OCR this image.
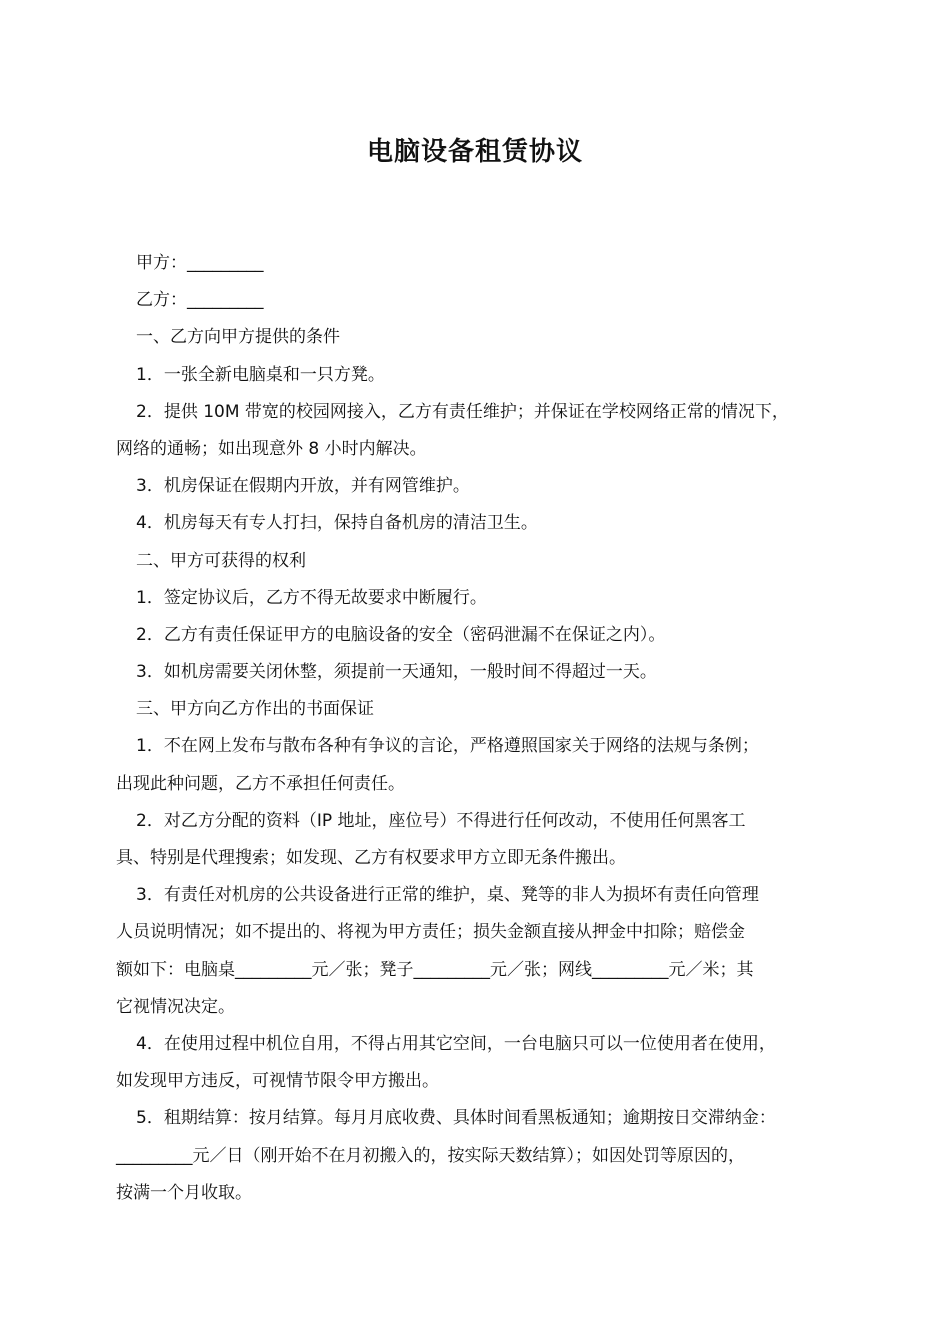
电脑设备租赁协议
甲方：_________
乙方：_________
一、乙方向甲方提供的条件
1．一张全新电脑桌和一只方凳。
2．提供 10M 带宽的校园网接入，乙方有责任维护；并保证在学校网络正常的情况下，
网络的通畅；如出现意外 8 小时内解决。
3．机房保证在假期内开放，并有网管维护。
4．机房每天有专人打扫，保持自备机房的清洁卫生。
二、甲方可获得的权利
1．签定协议后，乙方不得无故要求中断履行。
2．乙方有责任保证甲方的电脑设备的安全（密码泄漏不在保证之内）。
3．如机房需要关闭休整，须提前一天通知，一般时间不得超过一天。
三、甲方向乙方作出的书面保证
1．不在网上发布与散布各种有争议的言论，严格遵照国家关于网络的法规与条例；
出现此种问题，乙方不承担任何责任。
2．对乙方分配的资料（IP 地址，座位号）不得进行任何改动，不使用任何黑客工
具、特别是代理搜索；如发现、乙方有权要求甲方立即无条件搬出。
3．有责任对机房的公共设备进行正常的维护，桌、凳等的非人为损坏有责任向管理
人员说明情况；如不提出的、将视为甲方责任；损失金额直接从押金中扣除；赔偿金
额如下：电脑桌_________元／张；凳子_________元／张；网线_________元／米；其
它视情况决定。
4．在使用过程中机位自用，不得占用其它空间，一台电脑只可以一位使用者在使用，
如发现甲方违反，可视情节限令甲方搬出。
5．租期结算：按月结算。每月月底收费、具体时间看黑板通知；逾期按日交滞纳金：
_________元／日（刚开始不在月初搬入的，按实际天数结算）；如因处罚等原因的，
按满一个月收取。
